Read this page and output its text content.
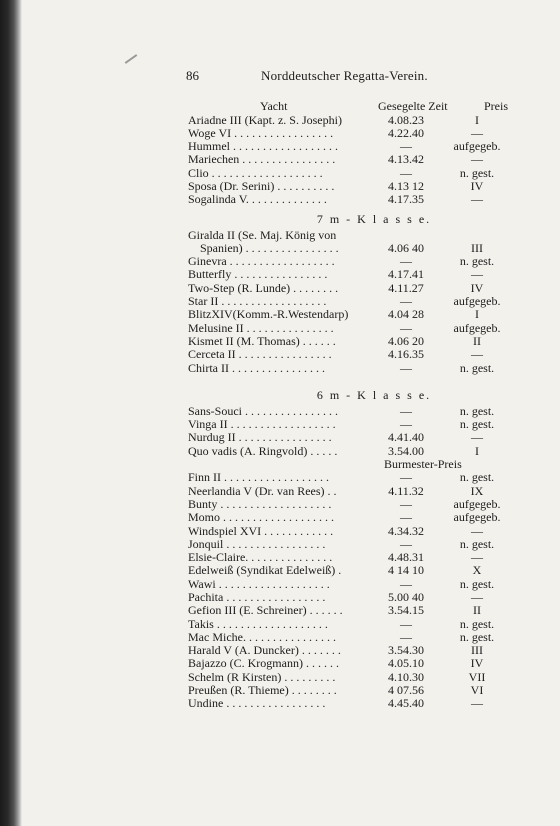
86	Norddeutscher Regatta-Verein.
Yacht	Gesegelte Zeit	Preis
Ariadne III (Kapt. z. S. Josephi)	4.08.23	I
Woge VI . . . . . . . . . . . . . . . . .	4.22.40	—
Hummel . . . . . . . . . . . . . . . . . .	—	aufgegeb.
Mariechen . . . . . . . . . . . . . . . .	4.13.42	—
Clio . . . . . . . . . . . . . . . . . . .	—	n. gest.
Sposa (Dr. Serini) . . . . . . . . . .	4.13 12	IV
Sogalinda V. . . . . . . . . . . . . .	4.17.35	—
7 m - K l a s s e.
Giralda II (Se. Maj. König von
Spanien) . . . . . . . . . . . . . . . .	4.06 40	III
Ginevra . . . . . . . . . . . . . . . . . .	—	n. gest.
Butterfly . . . . . . . . . . . . . . . .	4.17.41	—
Two-Step (R. Lunde) . . . . . . . .	4.11.27	IV
Star II . . . . . . . . . . . . . . . . . .	—	aufgegeb.
BlitzXIV(Komm.-R.Westendarp)	4.04 28	I
Melusine II . . . . . . . . . . . . . . .	—	aufgegeb.
Kismet II (M. Thomas) . . . . . .	4.06 20	II
Cerceta II . . . . . . . . . . . . . . . .	4.16.35	—
Chirta II . . . . . . . . . . . . . . . .	—	n. gest.
6 m - K l a s s e.
Sans-Souci . . . . . . . . . . . . . . . .	—	n. gest.
Vinga II . . . . . . . . . . . . . . . . . .	—	n. gest.
Nurdug II . . . . . . . . . . . . . . . .	4.41.40	—
Quo vadis (A. Ringvold) . . . . .	3.54.00	I
Burmester-Preis
Finn II . . . . . . . . . . . . . . . . . .	—	n. gest.
Neerlandia V (Dr. van Rees) . .	4.11.32	IX
Bunty . . . . . . . . . . . . . . . . . . .	—	aufgegeb.
Momo . . . . . . . . . . . . . . . . . . .	—	aufgegeb.
Windspiel XVI . . . . . . . . . . . .	4.34.32	—
Jonquil . . . . . . . . . . . . . . . . .	—	n. gest.
Elsie-Claire. . . . . . . . . . . . . . .	4.48.31	—
Edelweiß (Syndikat Edelweiß) .	4 14 10	X
Wawi . . . . . . . . . . . . . . . . . . .	—	n. gest.
Pachita . . . . . . . . . . . . . . . . .	5.00 40	—
Gefion III (E. Schreiner) . . . . . .	3.54.15	II
Takis . . . . . . . . . . . . . . . . . . .	—	n. gest.
Mac Miche. . . . . . . . . . . . . . . .	—	n. gest.
Harald V (A. Duncker) . . . . . . .	3.54.30	III
Bajazzo (C. Krogmann) . . . . . .	4.05.10	IV
Schelm (R Kirsten) . . . . . . . . .	4.10.30	VII
Preußen (R. Thieme) . . . . . . . .	4 07.56	VI
Undine . . . . . . . . . . . . . . . . .	4.45.40	—
